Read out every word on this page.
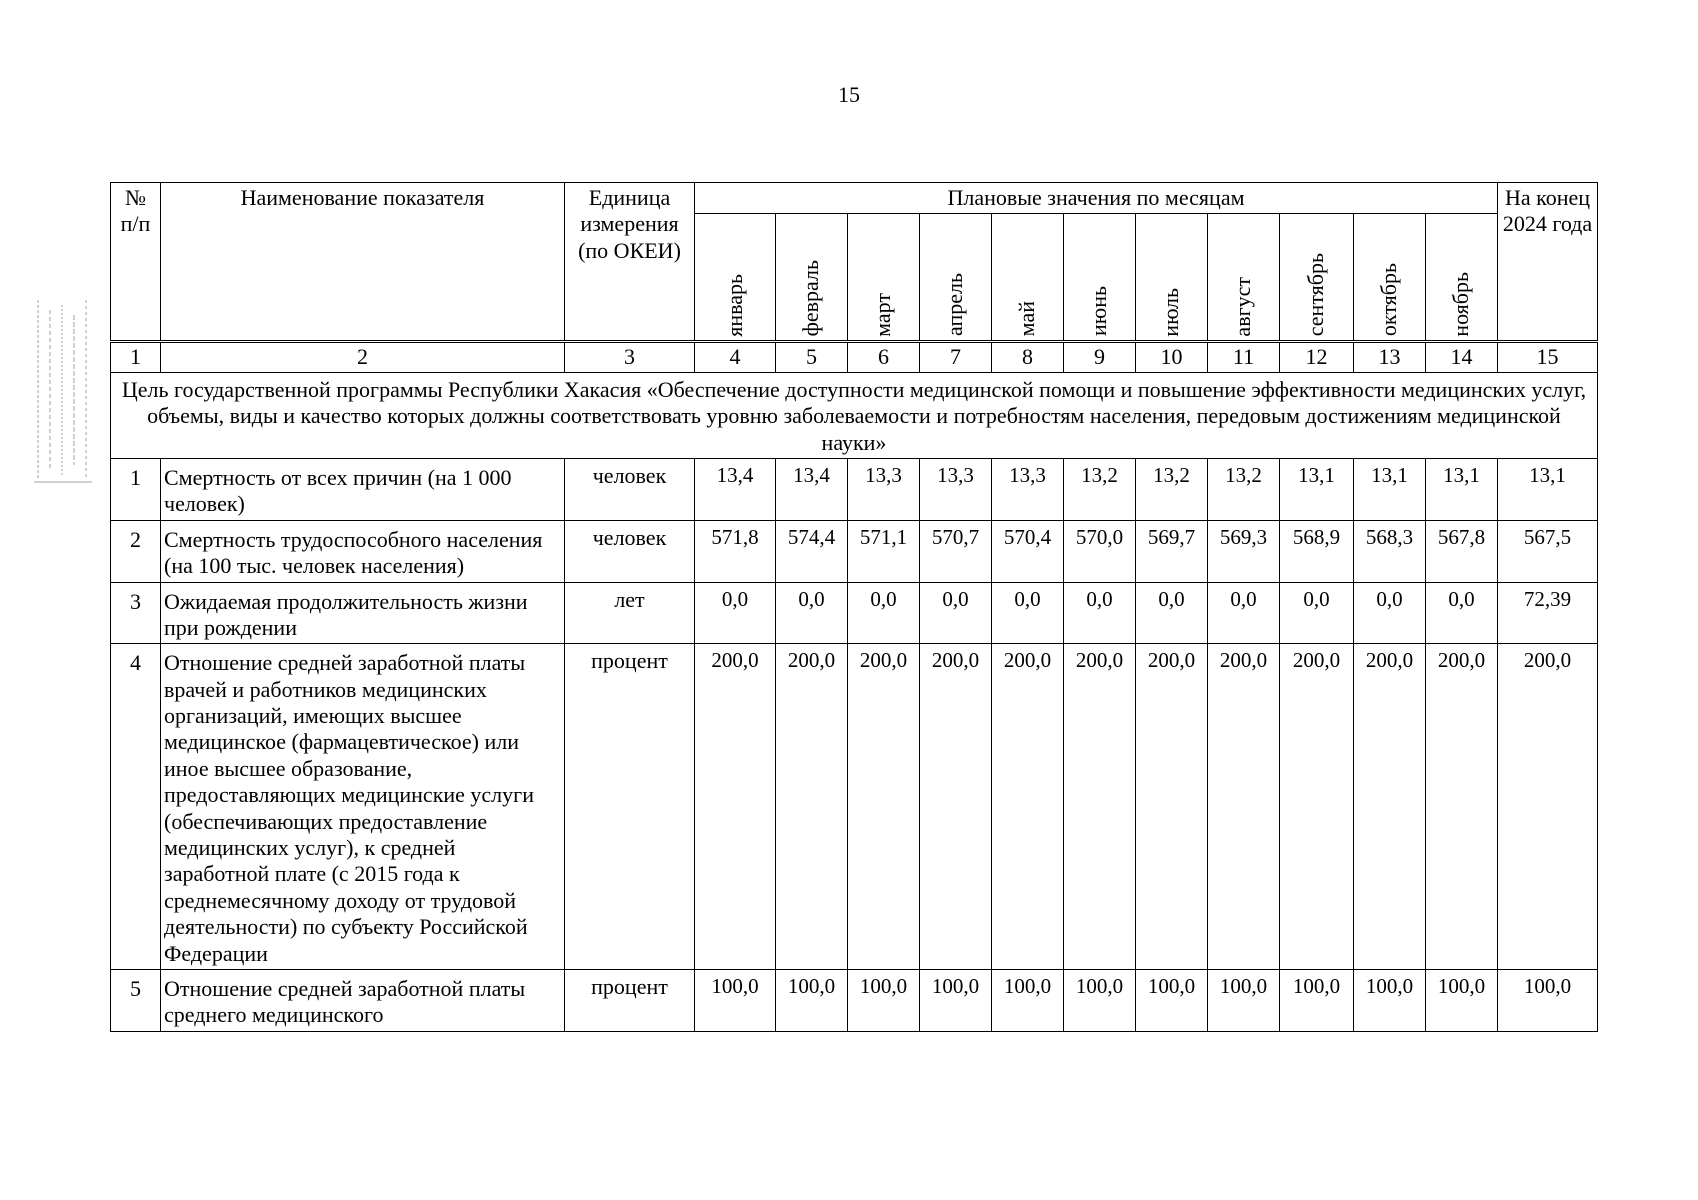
15
№ п/п	Наименование показателя	Единица измерения (по ОКЕИ)	Плановые значения по месяцам											На конец 2024 года

			январь	февраль	март	апрель	май	июнь	июль	август	сентябрь	октябрь	ноябрь	

1	2	3	4	5	6	7	8	9	10	11	12	13	14	15
Цель государственной программы Республики Хакасия «Обеспечение доступности медицинской помощи и повышение эффективности медицинских услуг, объемы, виды и качество которых должны соответствовать уровню заболеваемости и потребностям населения, передовым достижениям медицинской науки»														
1	Смертность от всех причин (на 1 000 человек)	человек	13,4	13,4	13,3	13,3	13,3	13,2	13,2	13,2	13,1	13,1	13,1	13,1
2	Смертность трудоспособного населения (на 100 тыс. человек населения)	человек	571,8	574,4	571,1	570,7	570,4	570,0	569,7	569,3	568,9	568,3	567,8	567,5
3	Ожидаемая продолжительность жизни при рождении	лет	0,0	0,0	0,0	0,0	0,0	0,0	0,0	0,0	0,0	0,0	0,0	72,39
4	Отношение средней заработной платы врачей и работников медицинских организаций, имеющих высшее медицинское (фармацевтическое) или иное высшее образование, предоставляющих медицинские услуги (обеспечивающих предоставление медицинских услуг), к средней заработной плате (с 2015 года к среднемесячному доходу от трудовой деятельности) по субъекту Российской Федерации	процент	200,0	200,0	200,0	200,0	200,0	200,0	200,0	200,0	200,0	200,0	200,0	200,0
5	Отношение средней заработной платы среднего медицинского	процент	100,0	100,0	100,0	100,0	100,0	100,0	100,0	100,0	100,0	100,0	100,0	100,0
